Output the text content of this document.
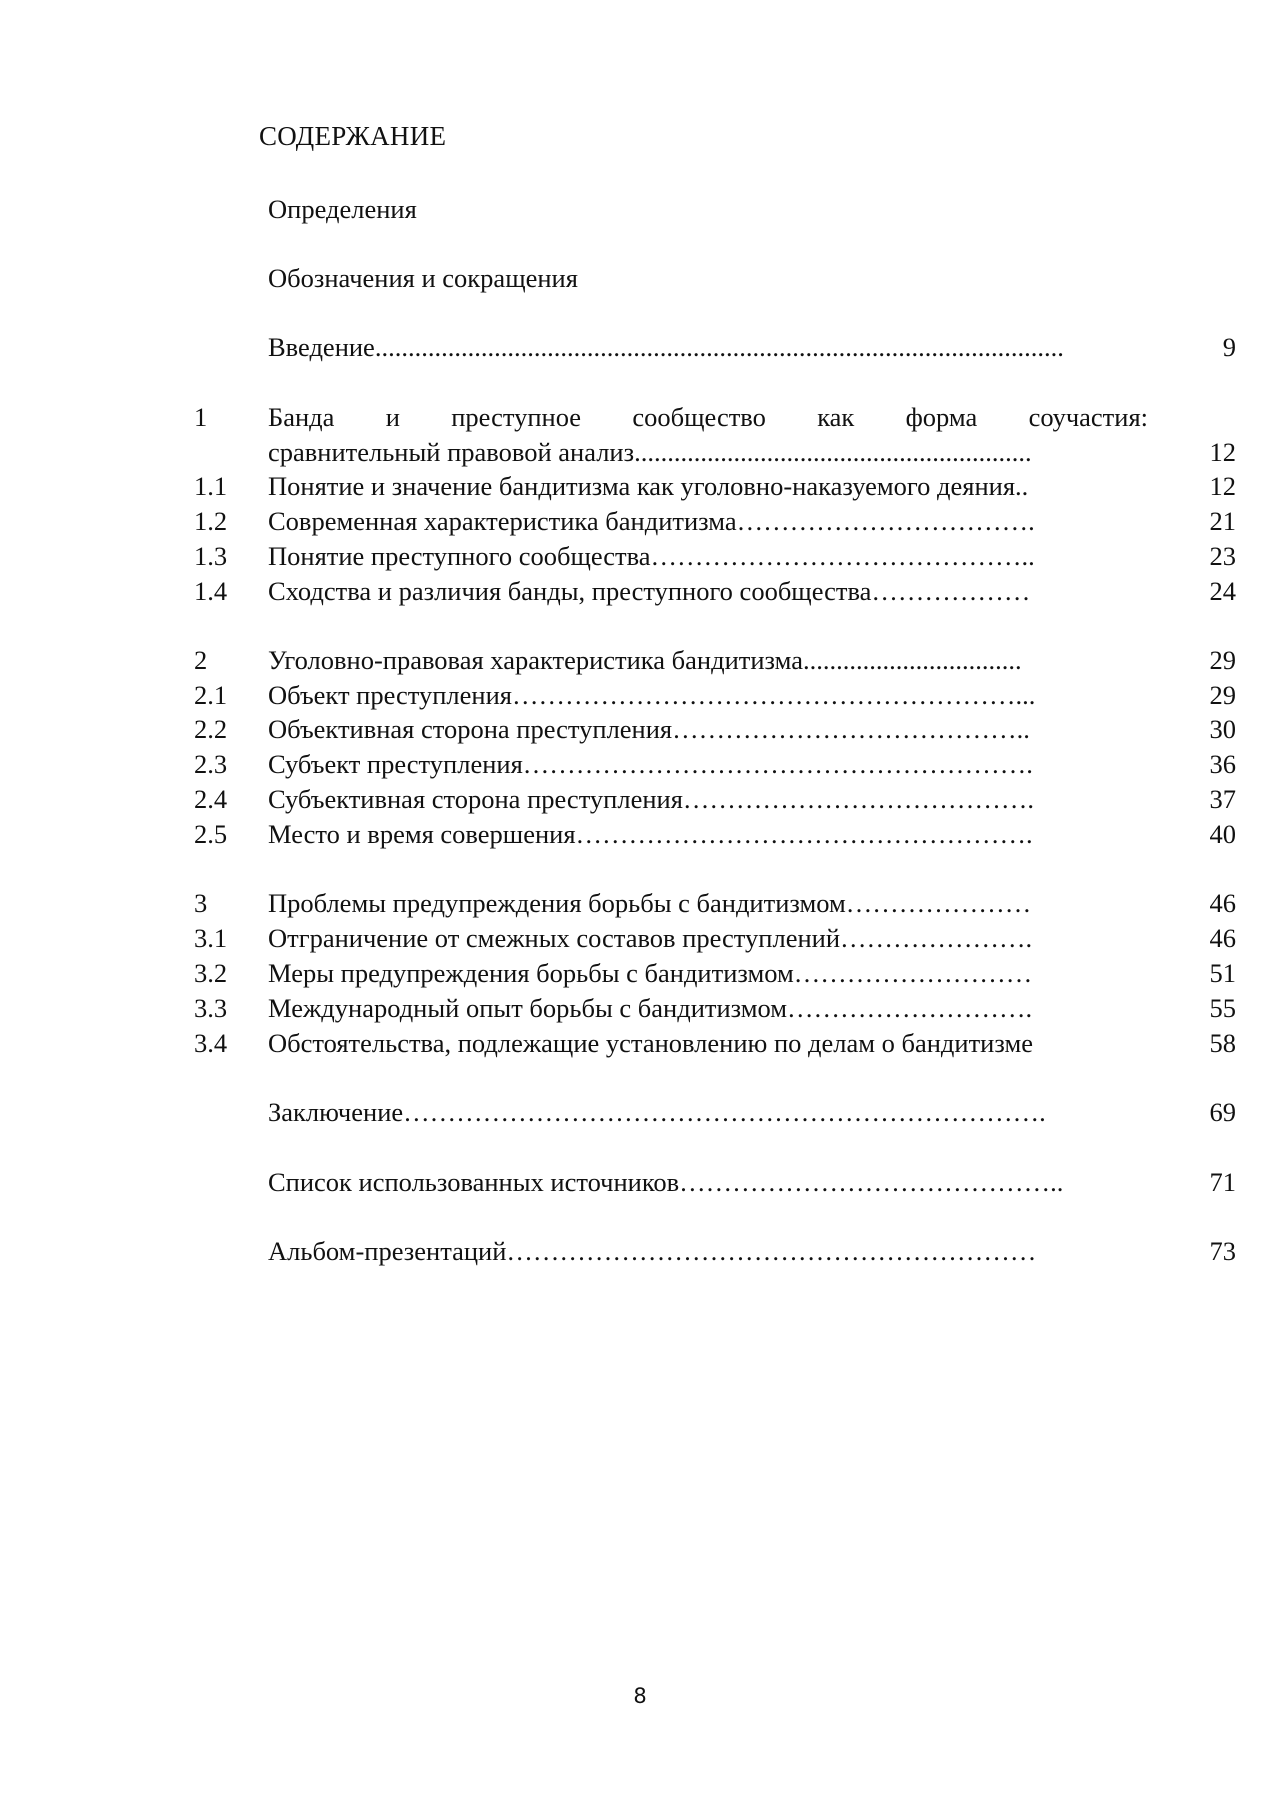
СОДЕРЖАНИЕ
Определения
Обозначения и сокращения
Введение........................................................................................................	9
1 Банда и преступное сообщество как форма соучастия:
сравнительный правовой анализ............................................................	12
1.1 Понятие и значение бандитизма как уголовно-наказуемого деяния..	12
1.2 Современная характеристика бандитизма…………………………….	21
1.3 Понятие преступного сообщества……………………………………..	23
1.4 Сходства и различия банды, преступного сообщества………………	24
2 Уголовно-правовая характеристика бандитизма.................................	29
2.1 Объект преступления…………………………………………………...	29
2.2 Объективная сторона преступления…………………………………..	30
2.3 Субъект преступления………………………………………………….	36
2.4 Субъективная сторона преступления………………………………….	37
2.5 Место и время совершения…………………………………………….	40
3 Проблемы предупреждения борьбы с бандитизмом…………………	46
3.1 Отграничение от смежных составов преступлений………………….	46
3.2 Меры предупреждения борьбы с бандитизмом………………………	51
3.3 Международный опыт борьбы с бандитизмом……………………….	55
3.4 Обстоятельства, подлежащие установлению по делам о бандитизме	58
Заключение……………………………………………………………….	69
Список использованных источников……………………………………..	71
Альбом-презентаций……………………………………………………	73
8
